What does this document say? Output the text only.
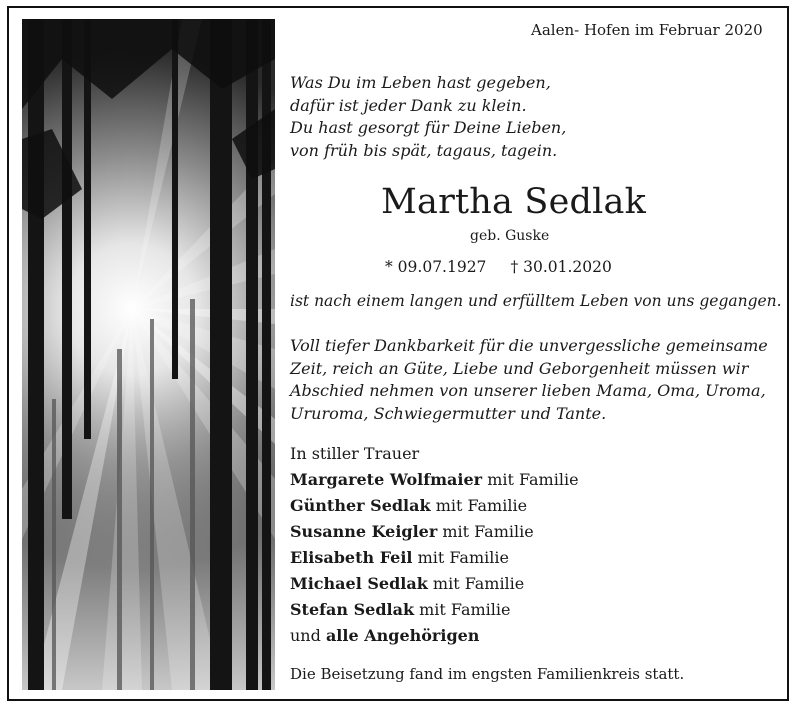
Aalen- Hofen im Februar 2020
Was Du im Leben hast gegeben,
dafür ist jeder Dank zu klein.
Du hast gesorgt für Deine Lieben,
von früh bis spät, tagaus, tagein.
Martha Sedlak
geb. Guske
* 09.07.1927 † 30.01.2020
ist nach einem langen und erfülltem Leben von uns gegangen.
Voll tiefer Dankbarkeit für die unvergessliche gemeinsame
Zeit, reich an Güte, Liebe und Geborgenheit müssen wir
Abschied nehmen von unserer lieben Mama, Oma, Uroma,
Ururoma, Schwiegermutter und Tante.
In stiller Trauer
Margarete Wolfmaier mit Familie
Günther Sedlak mit Familie
Susanne Keigler mit Familie
Elisabeth Feil mit Familie
Michael Sedlak mit Familie
Stefan Sedlak mit Familie
und alle Angehörigen
Die Beisetzung fand im engsten Familienkreis statt.
